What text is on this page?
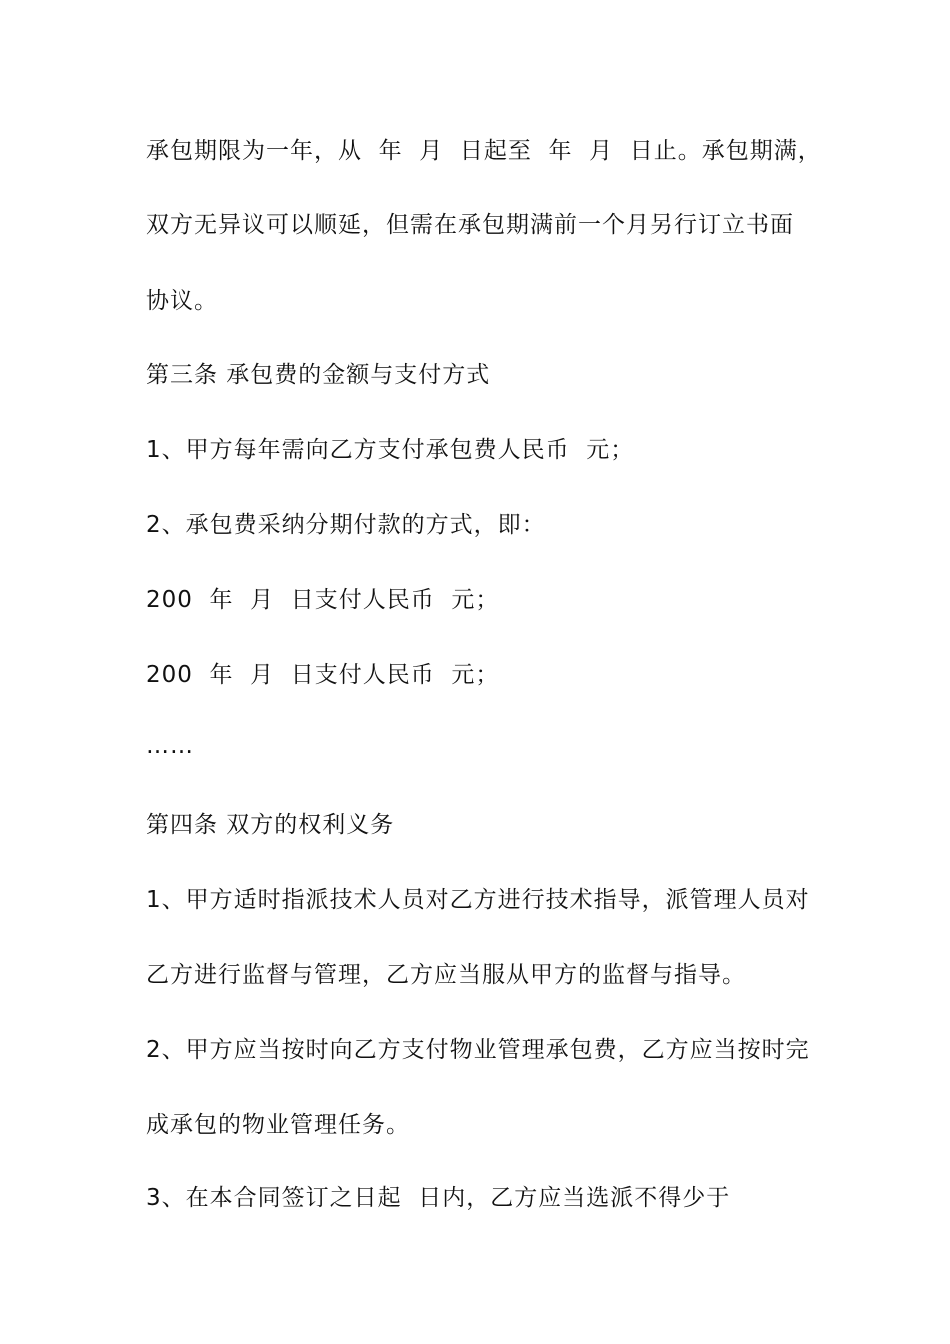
承包期限为一年，从  年  月  日起至  年  月  日止。承包期满，
双方无异议可以顺延，但需在承包期满前一个月另行订立书面
协议。
第三条 承包费的金额与支付方式
1、甲方每年需向乙方支付承包费人民币  元；
2、承包费采纳分期付款的方式，即：
200  年  月  日支付人民币  元；
200  年  月  日支付人民币  元；
……
第四条 双方的权利义务
1、甲方适时指派技术人员对乙方进行技术指导，派管理人员对
乙方进行监督与管理，乙方应当服从甲方的监督与指导。
2、甲方应当按时向乙方支付物业管理承包费，乙方应当按时完
成承包的物业管理任务。
3、在本合同签订之日起  日内，乙方应当选派不得少于
